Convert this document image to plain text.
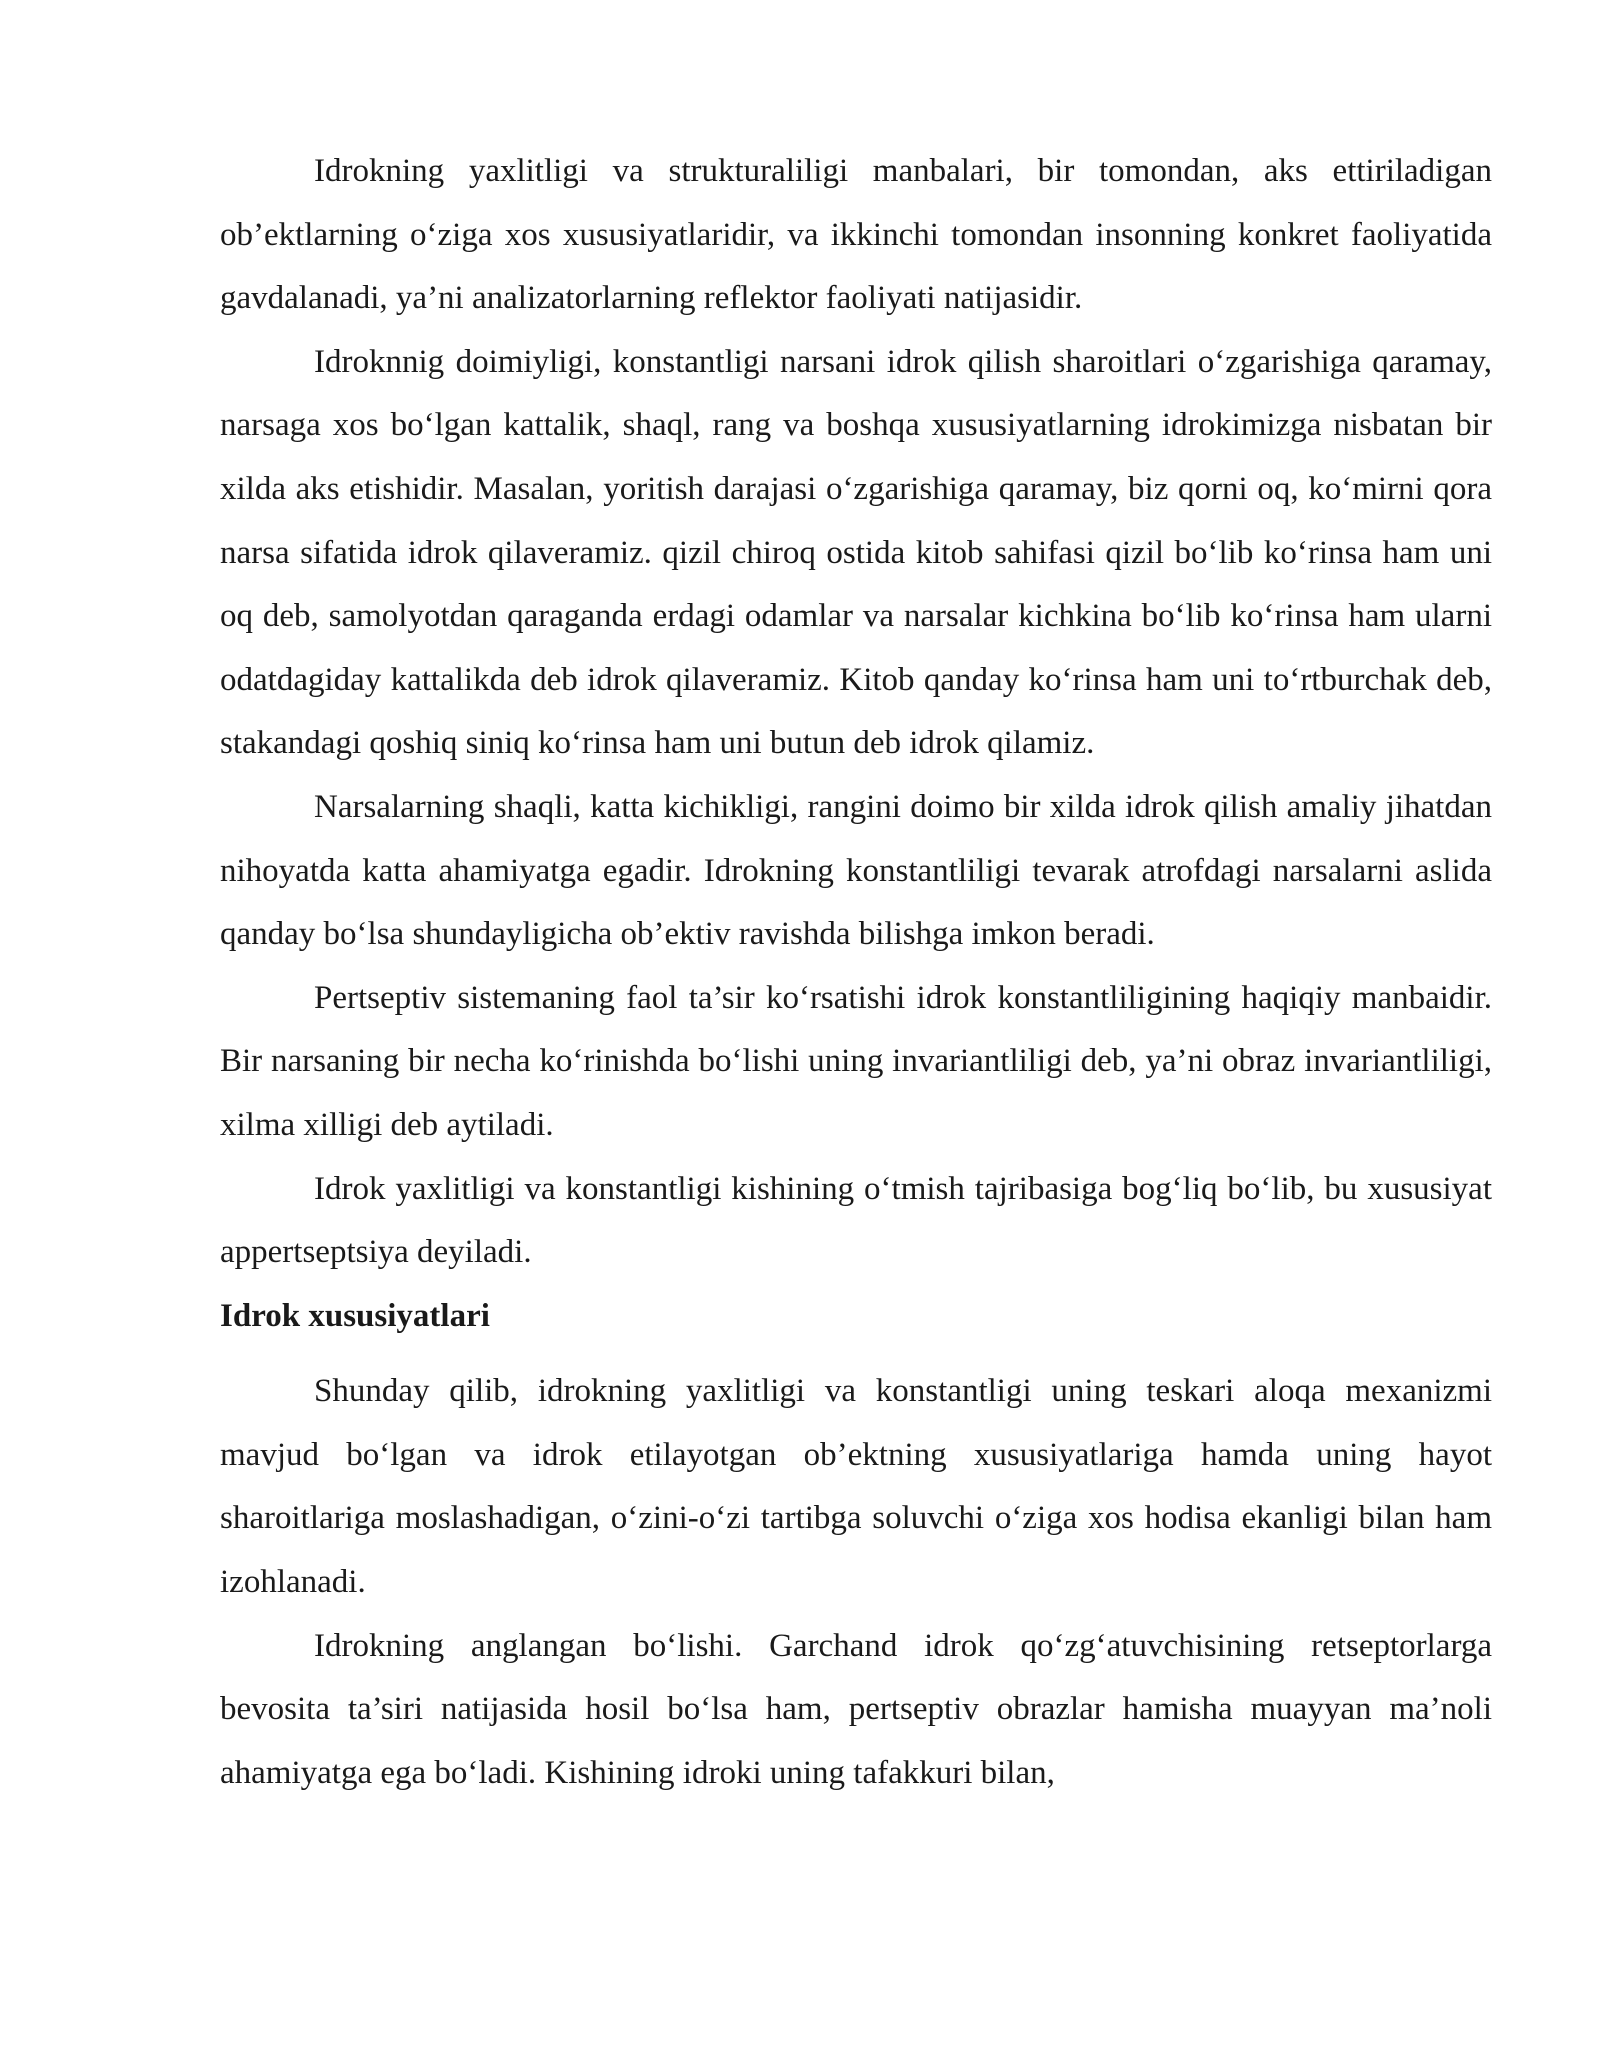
Idrokning yaxlitligi va strukturaliligi manbalari, bir tomondan, aks ettiriladigan ob’ektlarning o‘ziga xos xususiyatlaridir, va ikkinchi tomondan insonning konkret faoliyatida gavdalanadi, ya’ni analizatorlarning reflektor faoliyati natijasidir.

Idroknnig doimiyligi, konstantligi narsani idrok qilish sharoitlari o‘zgarishiga qaramay, narsaga xos bo‘lgan kattalik, shaql, rang va boshqa xususiyatlarning idrokimizga nisbatan bir xilda aks etishidir. Masalan, yoritish darajasi o‘zgarishiga qaramay, biz qorni oq, ko‘mirni qora narsa sifatida idrok qilaveramiz. qizil chiroq ostida kitob sahifasi qizil bo‘lib ko‘rinsa ham uni oq deb, samolyotdan qaraganda erdagi odamlar va narsalar kichkina bo‘lib ko‘rinsa ham ularni odatdagiday kattalikda deb idrok qilaveramiz. Kitob qanday ko‘rinsa ham uni to‘rtburchak deb, stakandagi qoshiq siniq ko‘rinsa ham uni butun deb idrok qilamiz.

Narsalarning shaqli, katta kichikligi, rangini doimo bir xilda idrok qilish amaliy jihatdan nihoyatda katta ahamiyatga egadir. Idrokning konstantliligi tevarak atrofdagi narsalarni aslida qanday bo‘lsa shundayligicha ob’ektiv ravishda bilishga imkon beradi.

Pertseptiv sistemaning faol ta’sir ko‘rsatishi idrok konstantliligining haqiqiy manbaidir. Bir narsaning bir necha ko‘rinishda bo‘lishi uning invariantliligi deb, ya’ni obraz invariantliligi, xilma xilligi deb aytiladi.

Idrok yaxlitligi va konstantligi kishining o‘tmish tajribasiga bog‘liq bo‘lib, bu xususiyat appertseptsiya deyiladi.

Idrok xususiyatlari

Shunday qilib, idrokning yaxlitligi va konstantligi uning teskari aloqa mexanizmi mavjud bo‘lgan va idrok etilayotgan ob’ektning xususiyatlariga hamda uning hayot sharoitlariga moslashadigan, o‘zini-o‘zi tartibga soluvchi o‘ziga xos hodisa ekanligi bilan ham izohlanadi.

Idrokning anglangan bo‘lishi. Garchand idrok qo‘zg‘atuvchisining retseptorlarga bevosita ta’siri natijasida hosil bo‘lsa ham, pertseptiv obrazlar hamisha muayyan ma’noli ahamiyatga ega bo‘ladi. Kishining idroki uning tafakkuri bilan,
